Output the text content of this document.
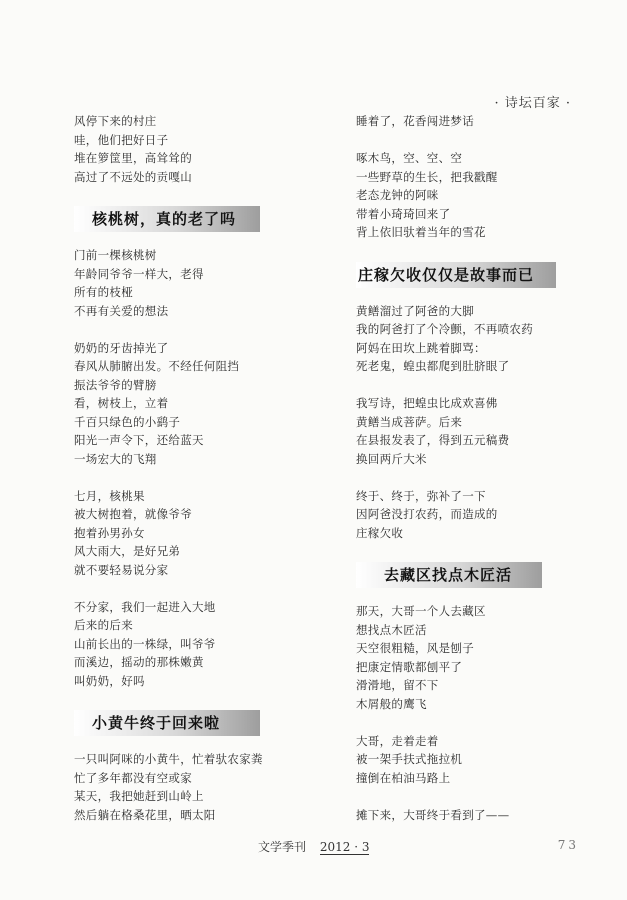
· 诗坛百家 ·
风停下来的村庄
哇，他们把好日子
堆在箩筐里，高耸耸的
高过了不远处的贡嘎山
核桃树，真的老了吗
门前一棵核桃树
年龄同爷爷一样大，老得
所有的枝桠
不再有关爱的想法
奶奶的牙齿掉光了
春风从肺腑出发。不经任何阻挡
振法爷爷的臂膀
看，树枝上，立着
千百只绿色的小鹞子
阳光一声令下，还给蓝天
一场宏大的飞翔
七月，核桃果
被大树抱着，就像爷爷
抱着孙男孙女
风大雨大，是好兄弟
就不要轻易说分家
不分家，我们一起进入大地
后来的后来
山前长出的一株绿，叫爷爷
而溪边，摇动的那株嫩黄
叫奶奶，好吗
小黄牛终于回来啦
一只叫阿咪的小黄牛，忙着驮农家粪
忙了多年都没有空或家
某天，我把她赶到山岭上
然后躺在格桑花里，晒太阳
睡着了，花香闯进梦话
啄木鸟，空、空、空
一些野草的生长，把我戳醒
老态龙钟的阿咪
带着小琦琦回来了
背上依旧驮着当年的雪花
庄稼欠收仅仅是故事而已
黄鳝溜过了阿爸的大脚
我的阿爸打了个冷颤，不再喷农药
阿妈在田坎上跳着脚骂：
死老鬼，蝗虫都爬到肚脐眼了
我写诗，把蝗虫比成欢喜佛
黄鳝当成菩萨。后来
在县报发表了，得到五元稿费
换回两斤大米
终于、终于，弥补了一下
因阿爸没打农药，而造成的
庄稼欠收
去藏区找点木匠活
那天，大哥一个人去藏区
想找点木匠活
天空很粗糙，风是刨子
把康定情歌都刨平了
滑滑地，留不下
木屑般的鹰飞
大哥，走着走着
被一架手扶式拖拉机
撞倒在柏油马路上
摊下来，大哥终于看到了——
文学季刊 2012 · 3	73
